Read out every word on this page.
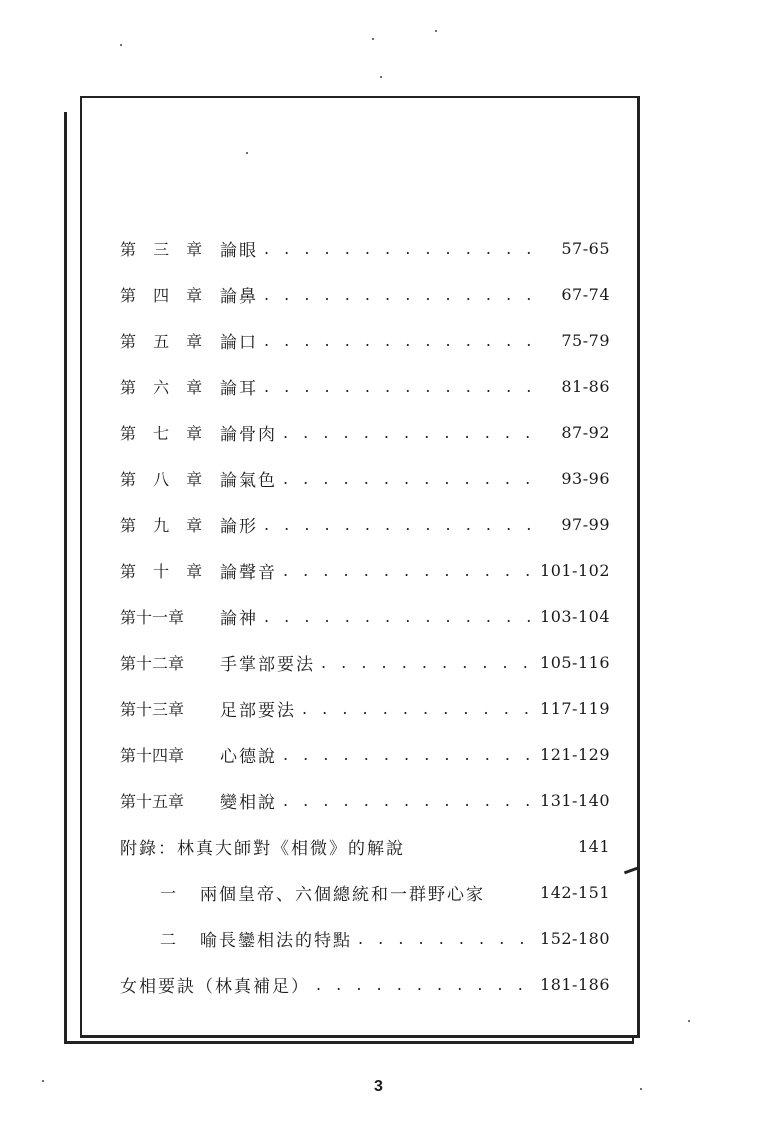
第 三 章 論眼 . . .	57-65
第 四 章 論鼻 . . .	67-74
第 五 章 論口 . . .	75-79
第 六 章 論耳 . . .	81-86
第 七 章 論骨肉 . . .	87-92
第 八 章 論氣色 . . .	93-96
第 九 章 論形 . . .	97-99
第 十 章 論聲音 . . .	101-102
第十一章	論神 . . .	103-104
第十二章	手掌部要法 . . .	105-116
第十三章	足部要法 . . .	117-119
第十四章	心德說 . . .	121-129
第十五章	變相說 . . .	131-140
附錄：林真大師對《相微》的解說	141
一	兩個皇帝、六個總統和一群野心家	142-151
二	喻長鑾相法的特點 . . .	152-180
女相要訣（林真補足） . . .	181-186
3
